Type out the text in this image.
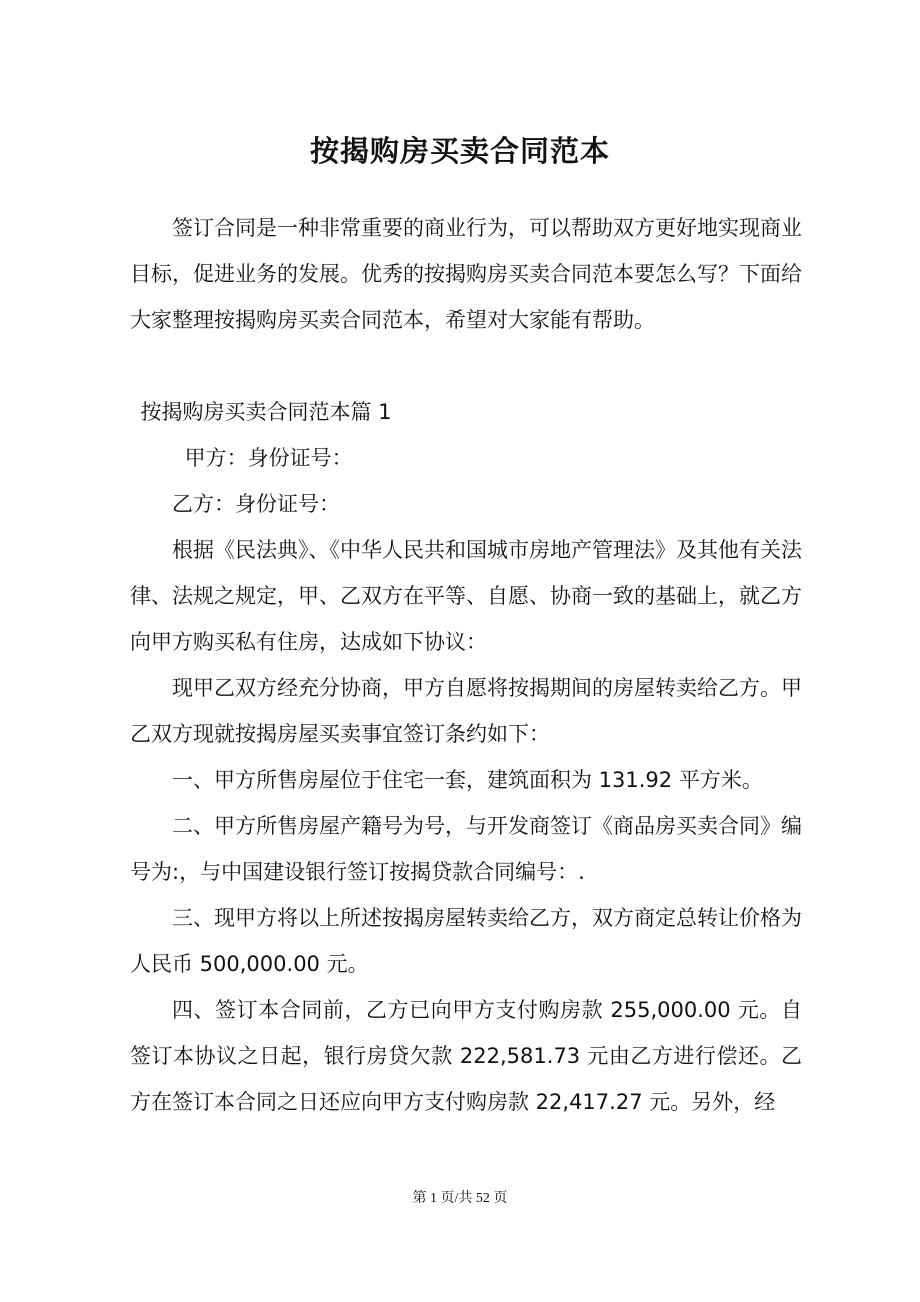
按揭购房买卖合同范本

签订合同是一种非常重要的商业行为，可以帮助双方更好地实现商业目标，促进业务的发展。优秀的按揭购房买卖合同范本要怎么写？下面给大家整理按揭购房买卖合同范本，希望对大家能有帮助。

按揭购房买卖合同范本篇 1

甲方：身份证号：

乙方：身份证号：

根据《民法典》、《中华人民共和国城市房地产管理法》及其他有关法律、法规之规定，甲、乙双方在平等、自愿、协商一致的基础上，就乙方向甲方购买私有住房，达成如下协议：

现甲乙双方经充分协商，甲方自愿将按揭期间的房屋转卖给乙方。甲乙双方现就按揭房屋买卖事宜签订条约如下：

一、甲方所售房屋位于住宅一套，建筑面积为 131.92 平方米。

二、甲方所售房屋产籍号为号，与开发商签订《商品房买卖合同》编号为:，与中国建设银行签订按揭贷款合同编号：.

三、现甲方将以上所述按揭房屋转卖给乙方，双方商定总转让价格为人民币 500,000.00 元。

四、签订本合同前，乙方已向甲方支付购房款 255,000.00 元。自签订本协议之日起，银行房贷欠款 222,581.73 元由乙方进行偿还。乙方在签订本合同之日还应向甲方支付购房款 22,417.27 元。另外，经

第 1 页/共 52 页
